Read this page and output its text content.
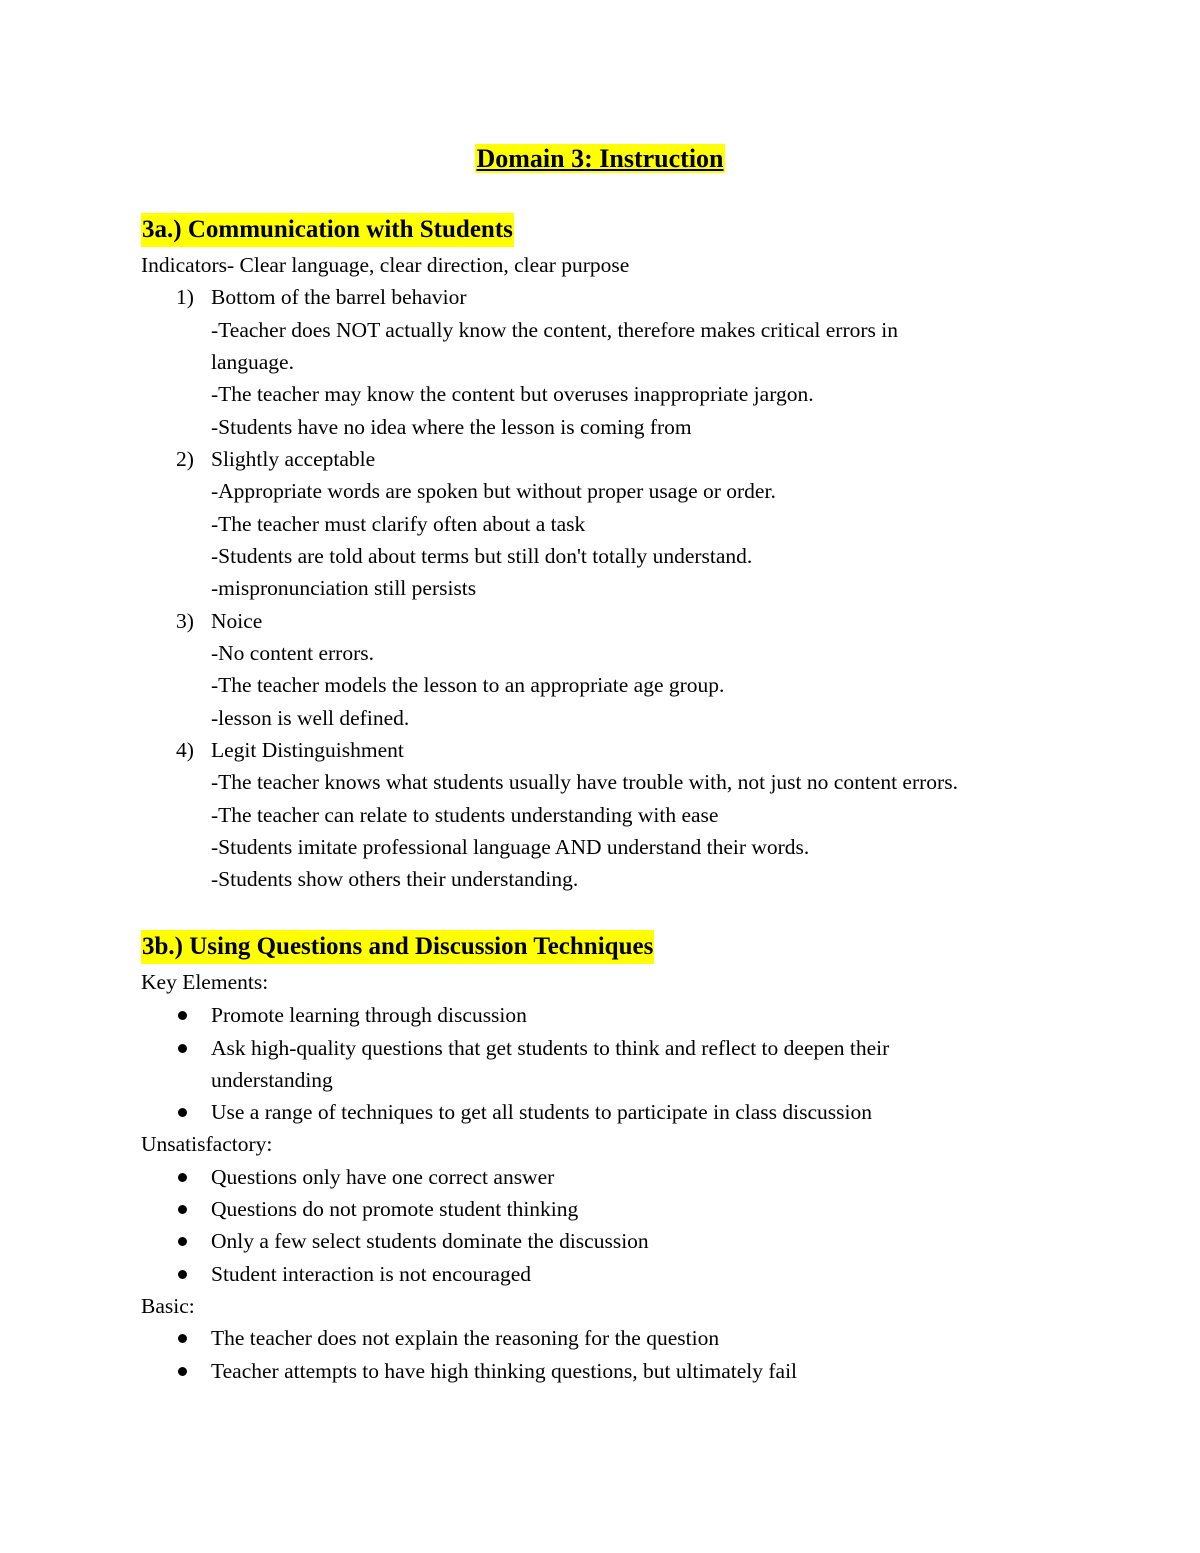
Domain 3: Instruction
3a.) Communication with Students
Indicators- Clear language, clear direction, clear purpose
1) Bottom of the barrel behavior
-Teacher does NOT actually know the content, therefore makes critical errors in
language.
-The teacher may know the content but overuses inappropriate jargon.
-Students have no idea where the lesson is coming from
2) Slightly acceptable
-Appropriate words are spoken but without proper usage or order.
-The teacher must clarify often about a task
-Students are told about terms but still don't totally understand.
-mispronunciation still persists
3) Noice
-No content errors.
-The teacher models the lesson to an appropriate age group.
-lesson is well defined.
4) Legit Distinguishment
-The teacher knows what students usually have trouble with, not just no content errors.
-The teacher can relate to students understanding with ease
-Students imitate professional language AND understand their words.
-Students show others their understanding.
3b.) Using Questions and Discussion Techniques
Key Elements:
Promote learning through discussion
Ask high-quality questions that get students to think and reflect to deepen their
understanding
Use a range of techniques to get all students to participate in class discussion
Unsatisfactory:
Questions only have one correct answer
Questions do not promote student thinking
Only a few select students dominate the discussion
Student interaction is not encouraged
Basic:
The teacher does not explain the reasoning for the question
Teacher attempts to have high thinking questions, but ultimately fail
